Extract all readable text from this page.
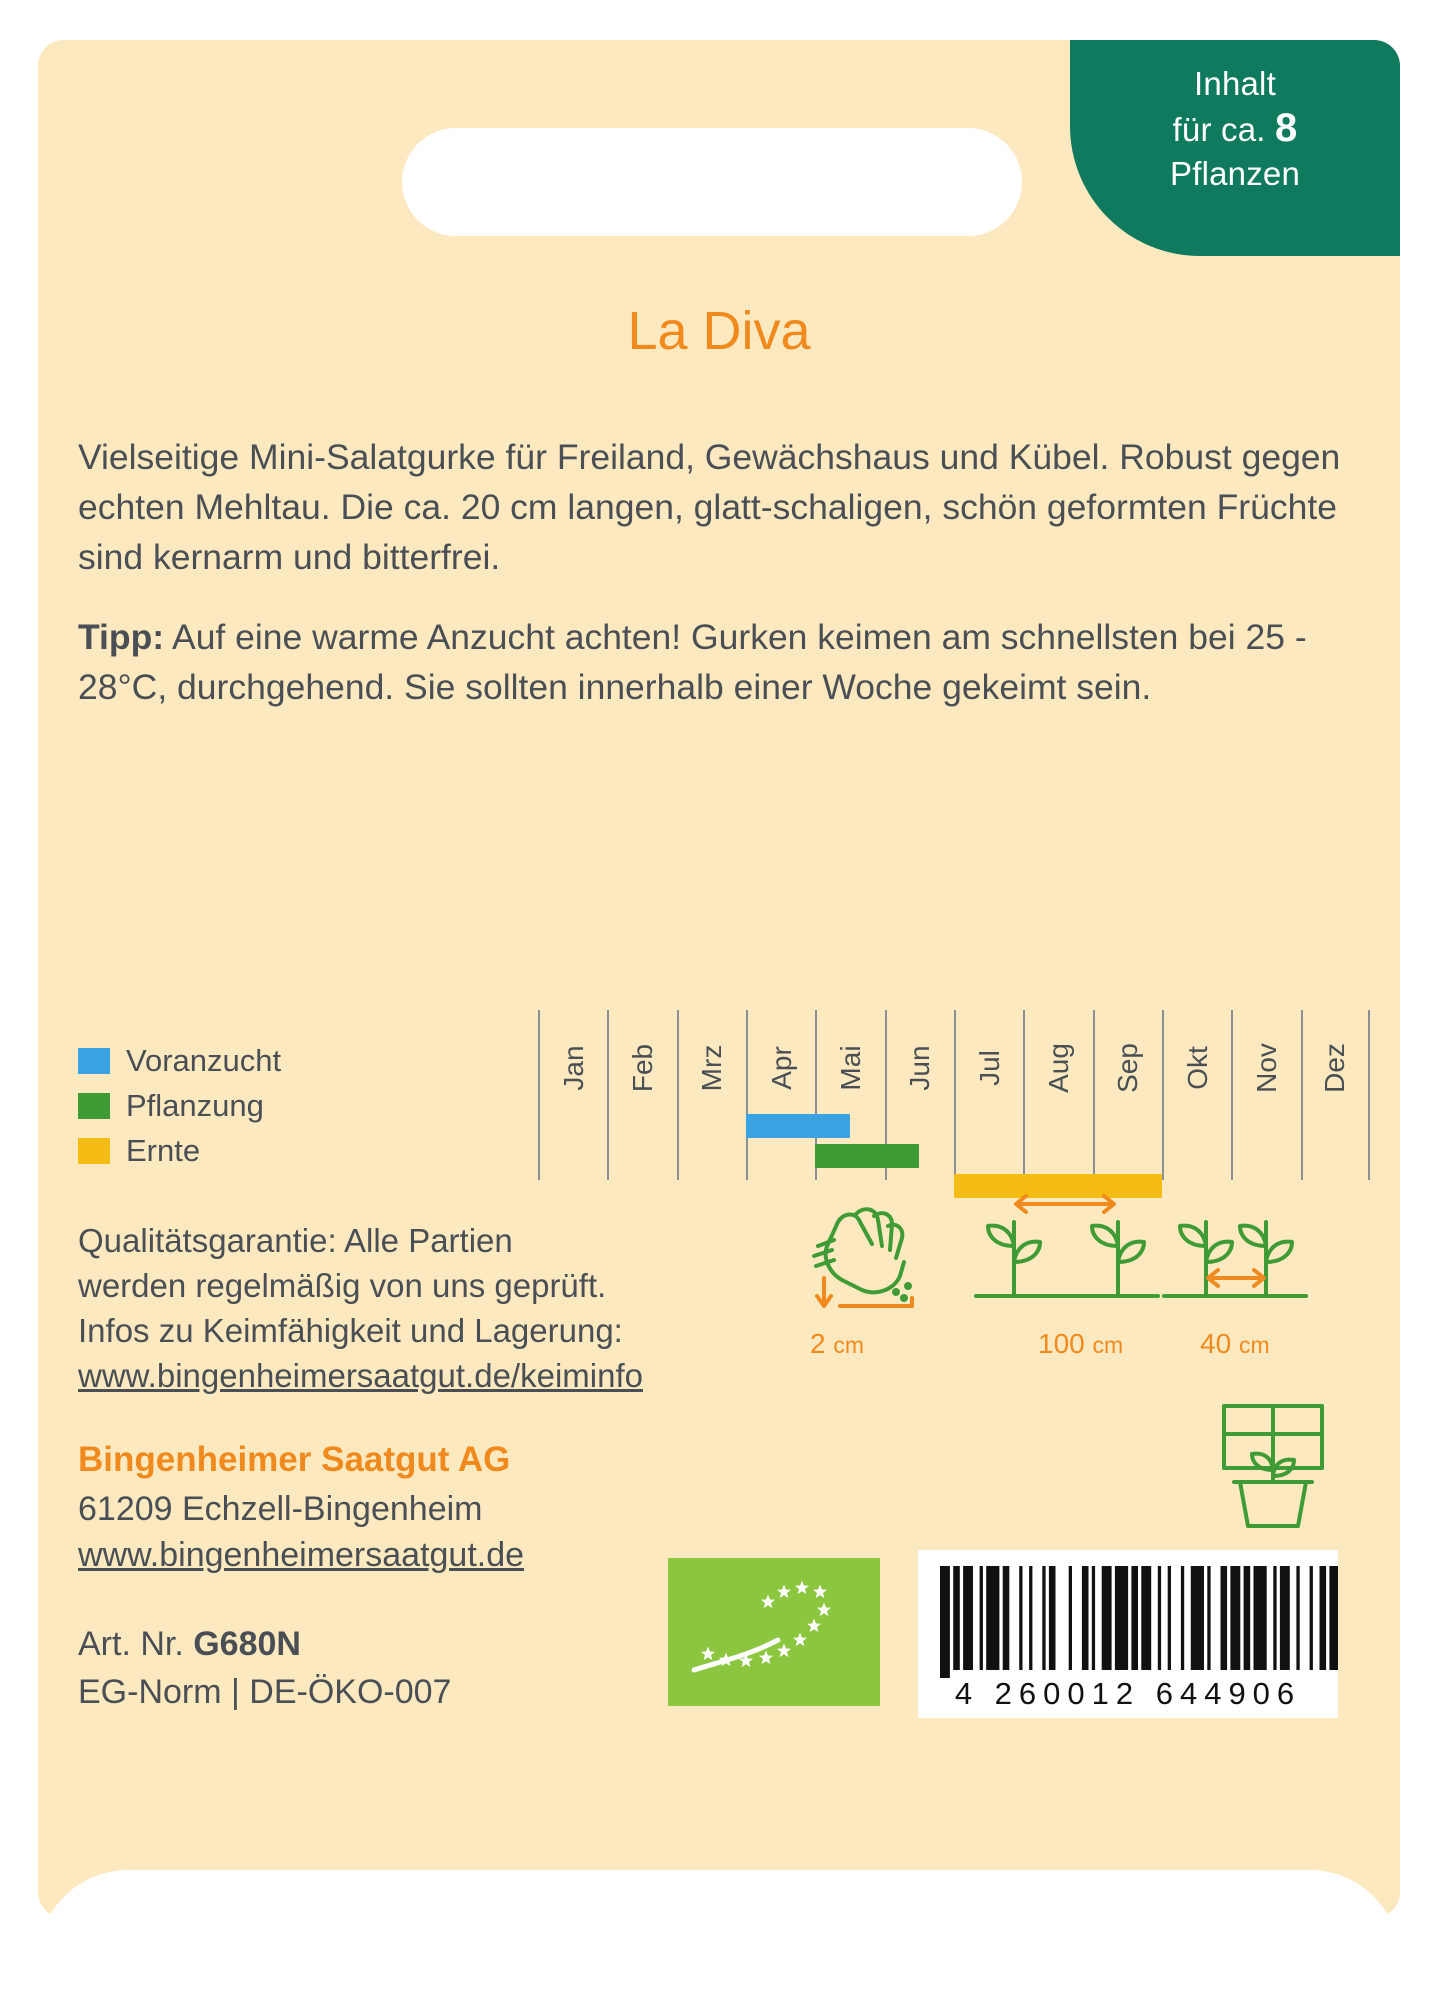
Inhalt
für ca. 8
Pflanzen
La Diva

Vielseitige Mini-Salatgurke für Freiland, Gewächshaus und Kübel. Robust gegen echten Mehltau. Die ca. 20 cm langen, glatt-schaligen, schön geformten Früchte sind kernarm und bitterfrei.

Tipp: Auf eine warme Anzucht achten! Gurken keimen am schnellsten bei 25 - 28°C, durchgehend. Sie sollten innerhalb einer Woche gekeimt sein.

Voranzucht
Pflanzung
Ernte
Jan Feb Mrz Apr Mai Jun Jul Aug Sep Okt Nov Dez
Qualitätsgarantie: Alle Partien
werden regelmäßig von uns geprüft.
Infos zu Keimfähigkeit und Lagerung:
www.bingenheimersaatgut.de/keiminfo
2 cm	100 cm	40 cm
Bingenheimer Saatgut AG
61209 Echzell-Bingenheim
www.bingenheimersaatgut.de
Art. Nr. G680N
EG-Norm | DE-ÖKO-007	4 260012 644906
